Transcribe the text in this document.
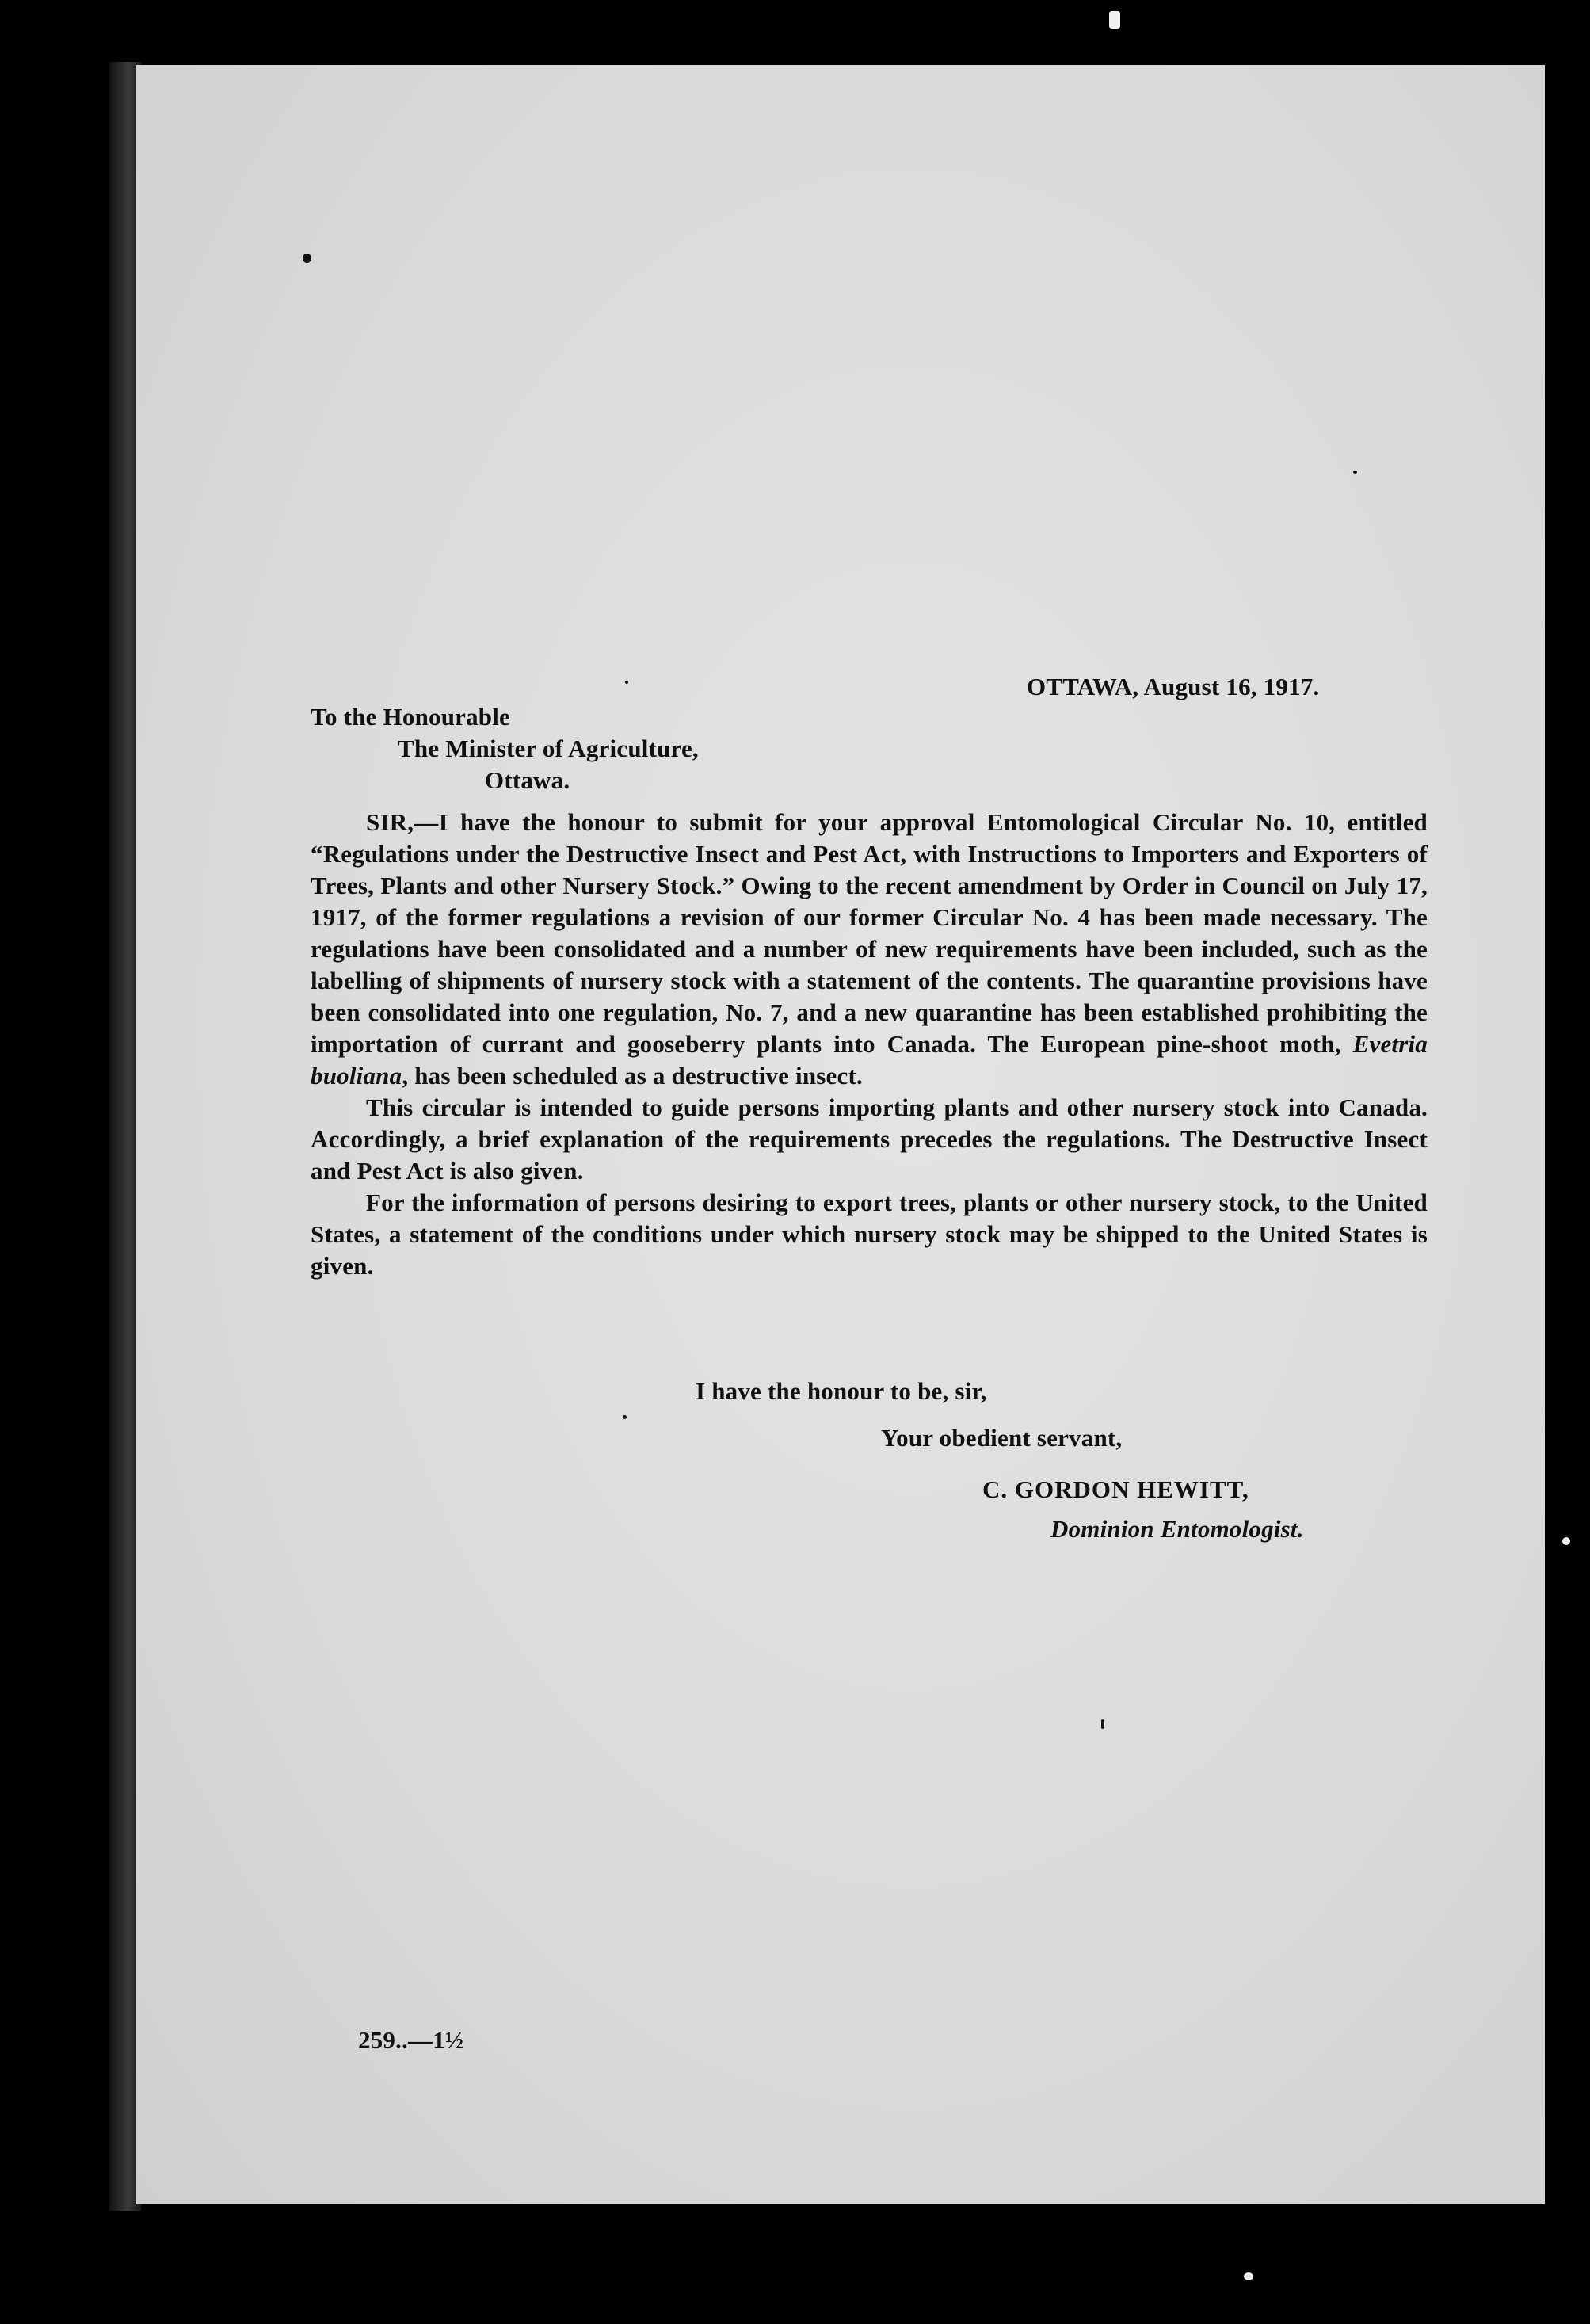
OTTAWA, August 16, 1917.
To the Honourable
The Minister of Agriculture,
Ottawa.

SIR,—I have the honour to submit for your approval Entomological Circular No. 10, entitled “Regulations under the Destructive Insect and Pest Act, with Instructions to Importers and Exporters of Trees, Plants and other Nursery Stock.” Owing to the recent amendment by Order in Council on July 17, 1917, of the former regulations a revision of our former Circular No. 4 has been made necessary. The regulations have been consolidated and a number of new requirements have been included, such as the labelling of shipments of nursery stock with a statement of the contents. The quarantine provisions have been consolidated into one regulation, No. 7, and a new quarantine has been established prohibiting the importation of currant and gooseberry plants into Canada. The European pine-shoot moth, Evetria buoliana, has been scheduled as a destructive insect.

This circular is intended to guide persons importing plants and other nursery stock into Canada. Accordingly, a brief explanation of the requirements precedes the regulations. The Destructive Insect and Pest Act is also given.

For the information of persons desiring to export trees, plants or other nursery stock, to the United States, a statement of the conditions under which nursery stock may be shipped to the United States is given.

I have the honour to be, sir,
Your obedient servant,
C. GORDON HEWITT,
Dominion Entomologist.
259..—1½
